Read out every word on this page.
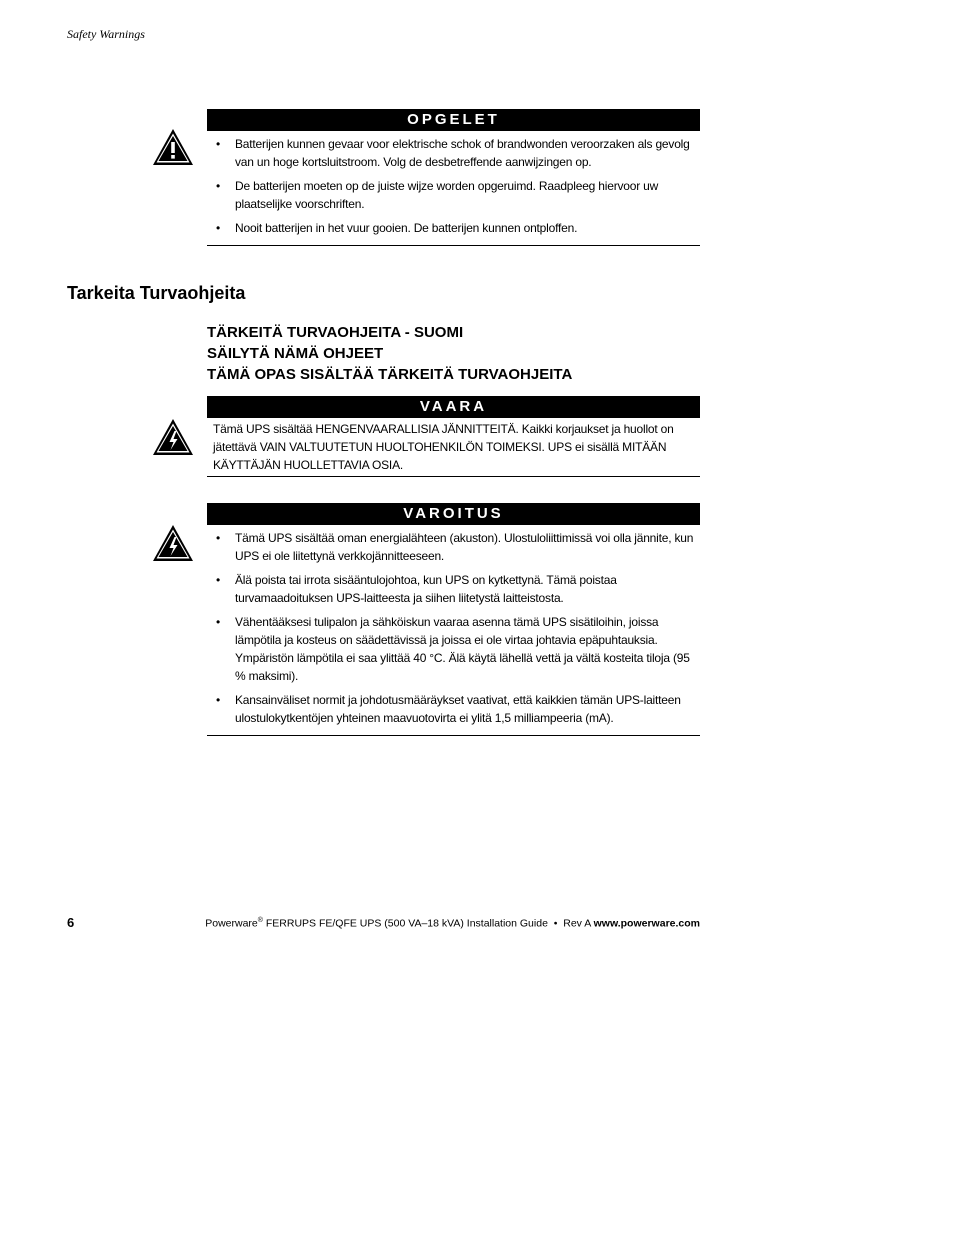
Safety Warnings
OPGELET
• Batterijen kunnen gevaar voor elektrische schok of brandwonden veroorzaken als gevolg van un hoge kortsluitstroom. Volg de desbetreffende aanwijzingen op.
• De batterijen moeten op de juiste wijze worden opgeruimd. Raadpleeg hiervoor uw plaatselijke voorschriften.
• Nooit batterijen in het vuur gooien. De batterijen kunnen ontploffen.
Tarkeita Turvaohjeita
TÄRKEITÄ TURVAOHJEITA - SUOMI
SÄILYTÄ NÄMÄ OHJEET
TÄMÄ OPAS SISÄLTÄÄ TÄRKEITÄ TURVAOHJEITA
VAARA
Tämä UPS sisältää HENGENVAARALLISIA JÄNNITTEITÄ. Kaikki korjaukset ja huollot on jätettävä VAIN VALTUUTETUN HUOLTOHENKILÖN TOIMEKSI. UPS ei sisällä MITÄÄN KÄYTTÄJÄN HUOLLETTAVIA OSIA.
VAROITUS
• Tämä UPS sisältää oman energialähteen (akuston). Ulostuloliittimissä voi olla jännite, kun UPS ei ole liitettynä verkkojännitteeseen.
• Älä poista tai irrota sisääntulojohtoa, kun UPS on kytkettynä. Tämä poistaa turvamaadoituksen UPS-laitteesta ja siihen liitetystä laitteistosta.
• Vähentääksesi tulipalon ja sähköiskun vaaraa asenna tämä UPS sisätiloihin, joissa lämpötila ja kosteus on säädettävissä ja joissa ei ole virtaa johtavia epäpuhtauksia. Ympäristön lämpötila ei saa ylittää 40 °C. Älä käytä lähellä vettä ja vältä kosteita tiloja (95 % maksimi).
• Kansainväliset normit ja johdotusmääräykset vaativat, että kaikkien tämän UPS-laitteen ulostulokytkentöjen yhteinen maavuotovirta ei ylitä 1,5 milliampeeria (mA).
6	Powerware® FERRUPS FE/QFE UPS (500 VA–18 kVA) Installation Guide  •  Rev A www.powerware.com
